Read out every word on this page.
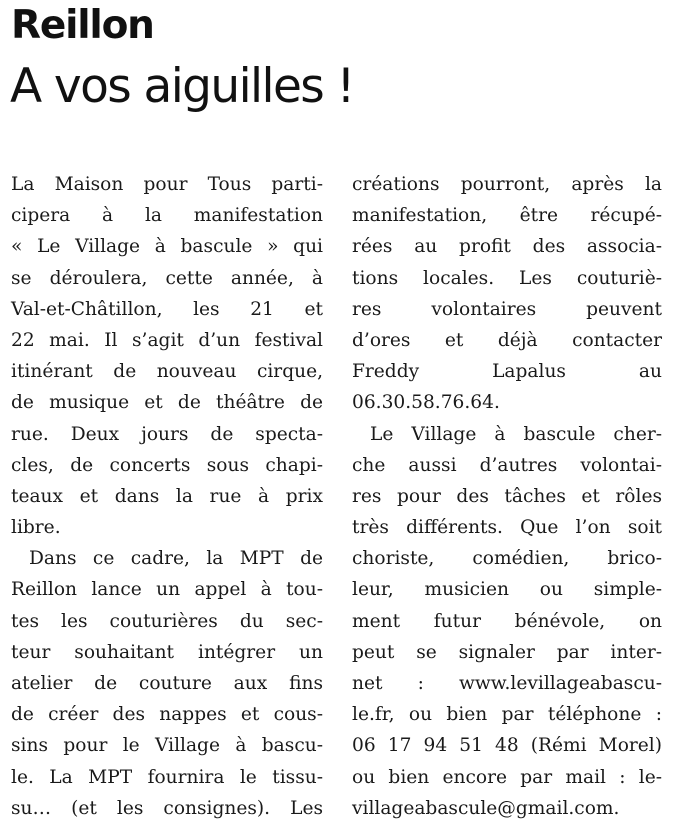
Reillon
A vos aiguilles !
La Maison pour Tous parti-
cipera à la manifestation
« Le Village à bascule » qui
se déroulera, cette année, à
Val-et-Châtillon, les 21 et
22 mai. Il s’agit d’un festival
itinérant de nouveau cirque,
de musique et de théâtre de
rue. Deux jours de specta-
cles, de concerts sous chapi-
teaux et dans la rue à prix
libre.
Dans ce cadre, la MPT de
Reillon lance un appel à tou-
tes les couturières du sec-
teur souhaitant intégrer un
atelier de couture aux fins
de créer des nappes et cous-
sins pour le Village à bascu-
le. La MPT fournira le tissu-
su… (et les consignes). Les
créations pourront, après la
manifestation, être récupé-
rées au profit des associa-
tions locales. Les couturiè-
res volontaires peuvent
d’ores et déjà contacter
Freddy Lapalus au
06.30.58.76.64.
Le Village à bascule cher-
che aussi d’autres volontai-
res pour des tâches et rôles
très différents. Que l’on soit
choriste, comédien, brico-
leur, musicien ou simple-
ment futur bénévole, on
peut se signaler par inter-
net : www.levillageabascu-
le.fr, ou bien par téléphone :
06 17 94 51 48 (Rémi Morel)
ou bien encore par mail : le-
villageabascule@gmail.com.
